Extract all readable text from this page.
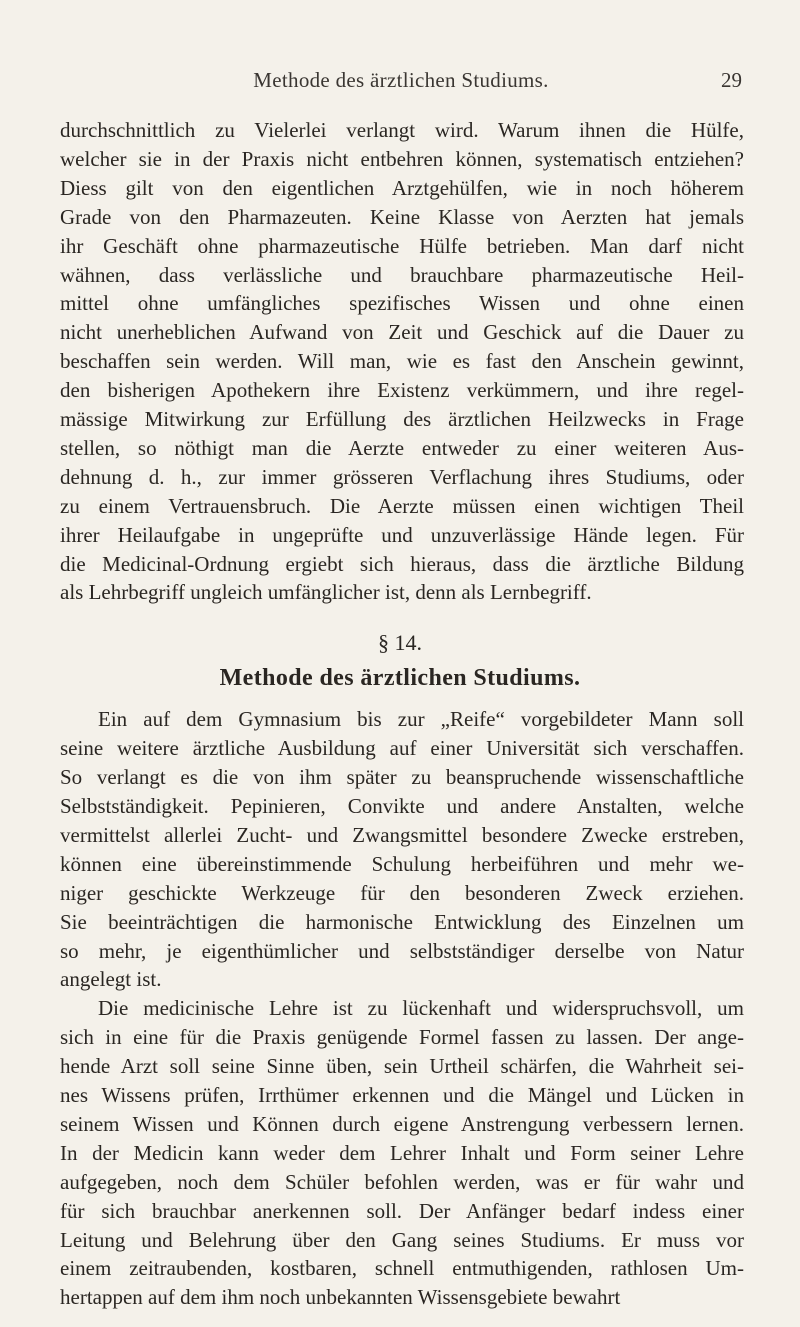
Methode des ärztlichen Studiums.	29
durchschnittlich zu Vielerlei verlangt wird. Warum ihnen die Hülfe,
welcher sie in der Praxis nicht entbehren können, systematisch entziehen?
Diess gilt von den eigentlichen Arztgehülfen, wie in noch höherem
Grade von den Pharmazeuten. Keine Klasse von Aerzten hat jemals
ihr Geschäft ohne pharmazeutische Hülfe betrieben. Man darf nicht
wähnen, dass verlässliche und brauchbare pharmazeutische Heil-
mittel ohne umfängliches spezifisches Wissen und ohne einen
nicht unerheblichen Aufwand von Zeit und Geschick auf die Dauer zu
beschaffen sein werden. Will man, wie es fast den Anschein gewinnt,
den bisherigen Apothekern ihre Existenz verkümmern, und ihre regel-
mässige Mitwirkung zur Erfüllung des ärztlichen Heilzwecks in Frage
stellen, so nöthigt man die Aerzte entweder zu einer weiteren Aus-
dehnung d. h., zur immer grösseren Verflachung ihres Studiums, oder
zu einem Vertrauensbruch. Die Aerzte müssen einen wichtigen Theil
ihrer Heilaufgabe in ungeprüfte und unzuverlässige Hände legen. Für
die Medicinal-Ordnung ergiebt sich hieraus, dass die ärztliche Bildung
als Lehrbegriff ungleich umfänglicher ist, denn als Lernbegriff.
§ 14.
Methode des ärztlichen Studiums.
Ein auf dem Gymnasium bis zur „Reife“ vorgebildeter Mann soll
seine weitere ärztliche Ausbildung auf einer Universität sich verschaffen.
So verlangt es die von ihm später zu beanspruchende wissenschaftliche
Selbstständigkeit. Pepinieren, Convikte und andere Anstalten, welche
vermittelst allerlei Zucht- und Zwangsmittel besondere Zwecke erstreben,
können eine übereinstimmende Schulung herbeiführen und mehr we-
niger geschickte Werkzeuge für den besonderen Zweck erziehen.
Sie beeinträchtigen die harmonische Entwicklung des Einzelnen um
so mehr, je eigenthümlicher und selbstständiger derselbe von Natur
angelegt ist.
Die medicinische Lehre ist zu lückenhaft und widerspruchsvoll, um
sich in eine für die Praxis genügende Formel fassen zu lassen. Der ange-
hende Arzt soll seine Sinne üben, sein Urtheil schärfen, die Wahrheit sei-
nes Wissens prüfen, Irrthümer erkennen und die Mängel und Lücken in
seinem Wissen und Können durch eigene Anstrengung verbessern lernen.
In der Medicin kann weder dem Lehrer Inhalt und Form seiner Lehre
aufgegeben, noch dem Schüler befohlen werden, was er für wahr und
für sich brauchbar anerkennen soll. Der Anfänger bedarf indess einer
Leitung und Belehrung über den Gang seines Studiums. Er muss vor
einem zeitraubenden, kostbaren, schnell entmuthigenden, rathlosen Um-
hertappen auf dem ihm noch unbekannten Wissensgebiete bewahrt
